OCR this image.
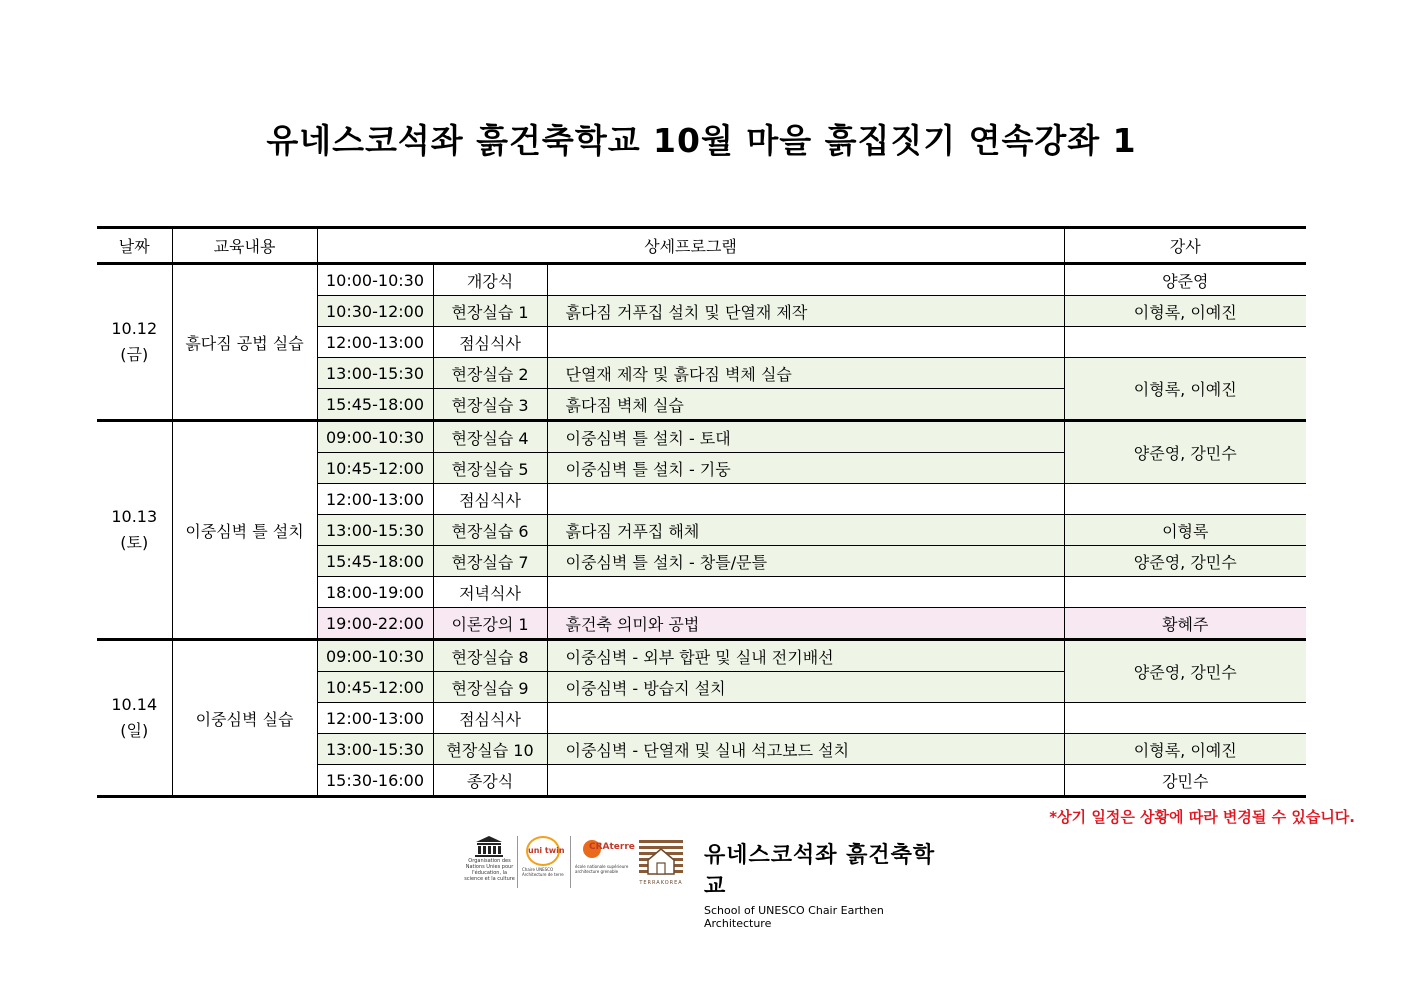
유네스코석좌 흙건축학교 10월 마을 흙집짓기 연속강좌 1
날짜	교육내용	상세프로그램			강사

10.12
(금)	흙다짐 공법 실습	10:00-10:30	개강식		양준영
		10:30-12:00	현장실습 1	흙다짐 거푸집 설치 및 단열재 제작	이형록, 이예진
		12:00-13:00	점심식사		
		13:00-15:30	현장실습 2	단열재 제작 및 흙다짐 벽체 실습	이형록, 이예진
		15:45-18:00	현장실습 3	흙다짐 벽체 실습	

10.13
(토)	이중심벽 틀 설치	09:00-10:30	현장실습 4	이중심벽 틀 설치 - 토대	양준영, 강민수
		10:45-12:00	현장실습 5	이중심벽 틀 설치 - 기둥	
		12:00-13:00	점심식사		
		13:00-15:30	현장실습 6	흙다짐 거푸집 해체	이형록
		15:45-18:00	현장실습 7	이중심벽 틀 설치 - 창틀/문틀	양준영, 강민수
		18:00-19:00	저녁식사		
		19:00-22:00	이론강의 1	흙건축 의미와 공법	황혜주

10.14
(일)	이중심벽 실습	09:00-10:30	현장실습 8	이중심벽 - 외부 합판 및 실내 전기배선	양준영, 강민수
		10:45-12:00	현장실습 9	이중심벽 - 방습지 설치	
		12:00-13:00	점심식사		
		13:00-15:30	현장실습 10	이중심벽 - 단열재 및 실내 석고보드 설치	이형록, 이예진
		15:30-16:00	종강식		강민수
*상기 일정은 상황에 따라 변경될 수 있습니다.
Organisation des Nations Unies pour l'éducation, la science et la culture
uni twin
Chaire UNESCO Architecture de terre
CRAterre
école nationale supérieure architecture grenoble
TERRAKOREA
유네스코석좌 흙건축학교
School of UNESCO Chair Earthen Architecture
